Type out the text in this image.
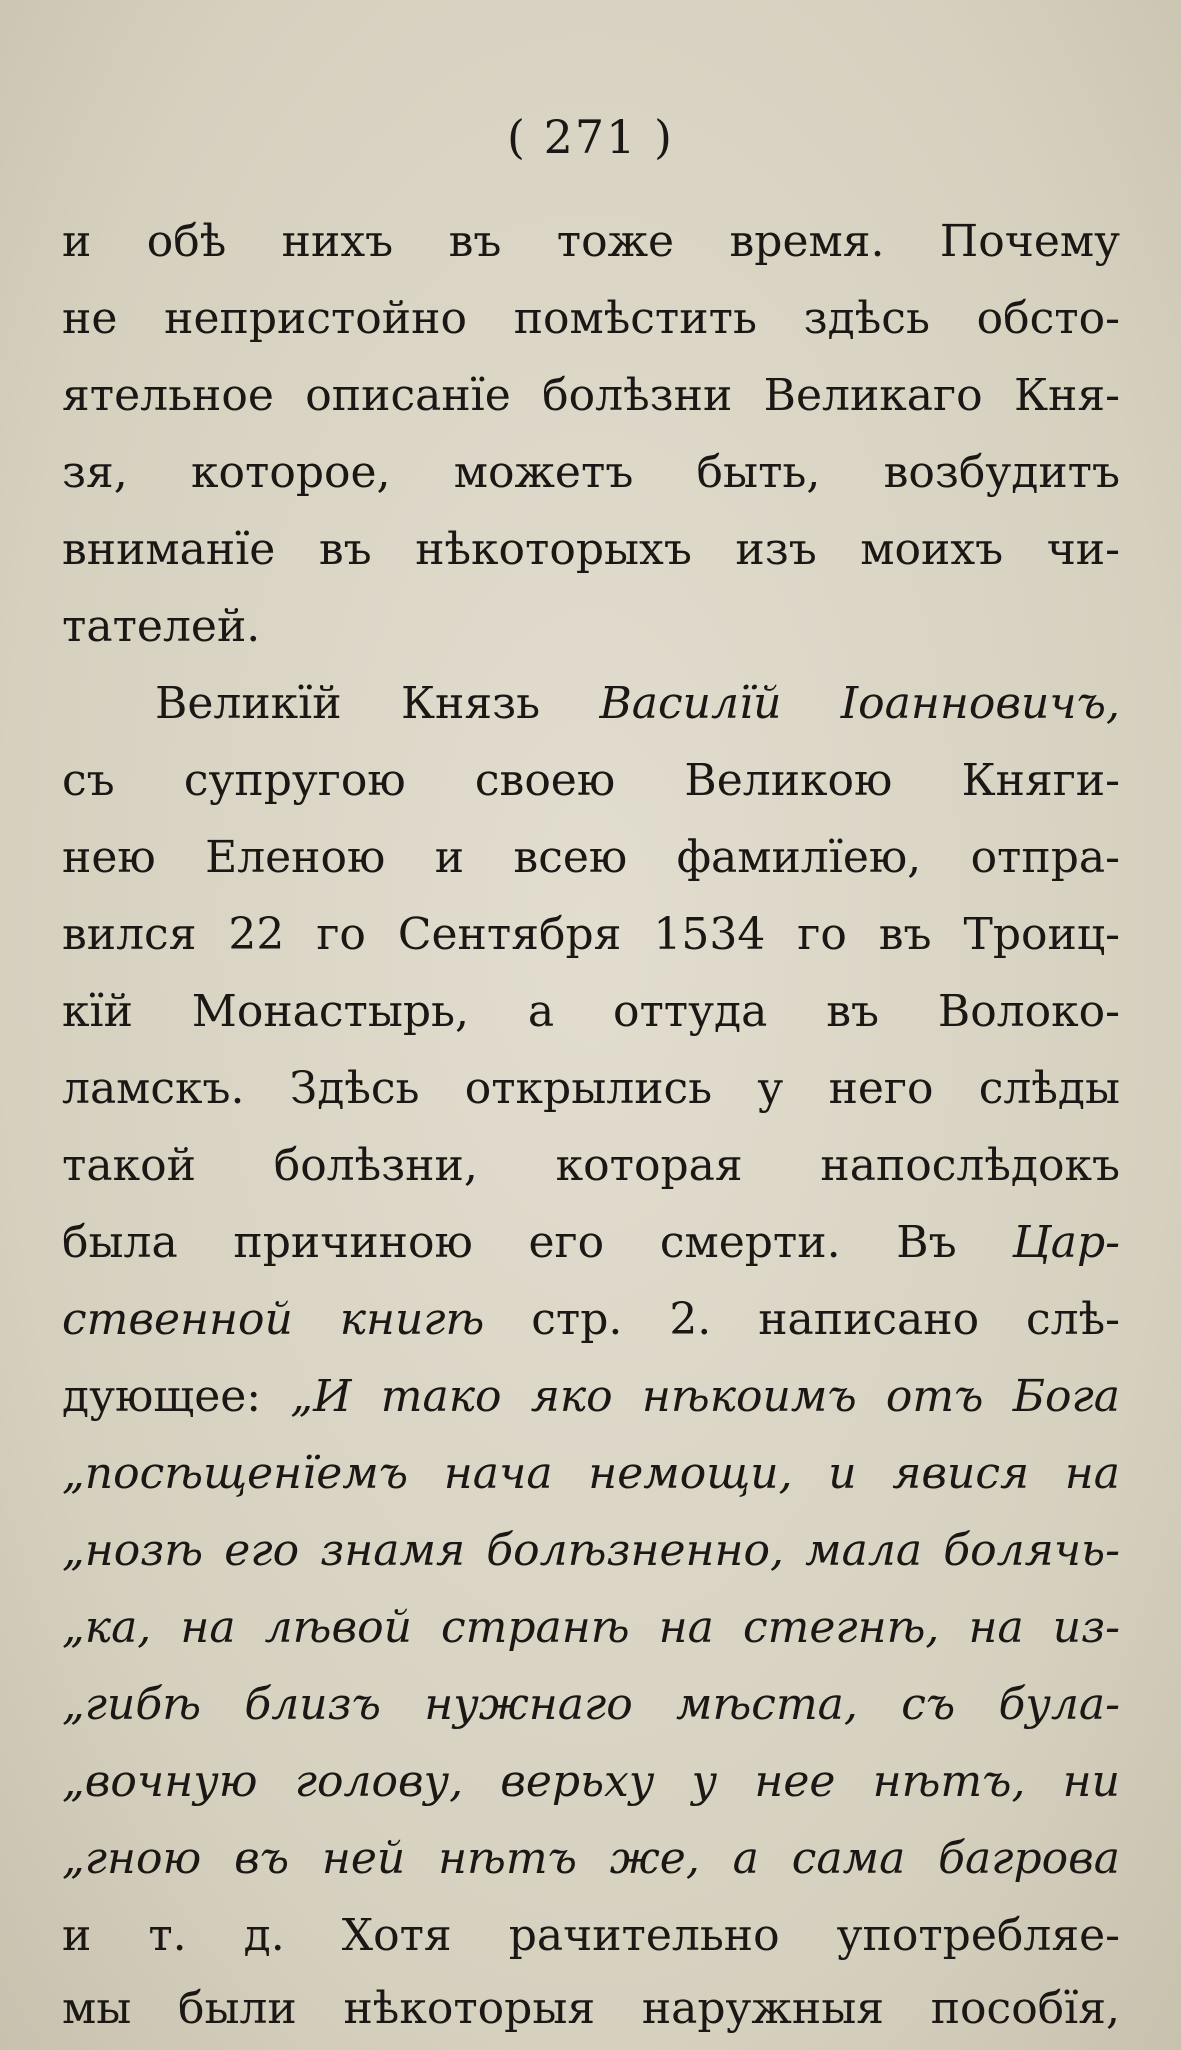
( 271 )
и обѣ нихъ въ тоже время. Почему
не непристойно помѣстить здѣсь обсто-
ятельное описанїе болѣзни Великаго Кня-
зя, которое, можетъ быть, возбудитъ
вниманїе въ нѣкоторыхъ изъ моихъ чи-
тателей.
Великїй Князь Василїй Іоанновичъ,
съ супругою своею Великою Княги-
нею Еленою и всею фамилїею, отпра-
вился 22 го Сентября 1534 го въ Троиц-
кїй Монастырь, а оттуда въ Волоко-
ламскъ. Здѣсь открылись у него слѣды
такой болѣзни, которая напослѣдокъ
была причиною его смерти. Въ Цар-
ственной книгѣ стр. 2. написано слѣ-
дующее: „И тако яко нѣкоимъ отъ Бога
„посѣщенїемъ нача немощи, и явися на
„нозѣ его знамя болѣзненно, мала болячь-
„ка, на лѣвой странѣ на стегнѣ, на из-
„гибѣ близъ нужнаго мѣста, съ була-
„вочную голову, верьху у нее нѣтъ, ни
„гною въ ней нѣтъ же, а сама багрова
и т. д. Хотя рачительно употребляе-
мы были нѣкоторыя наружныя пособїя,
